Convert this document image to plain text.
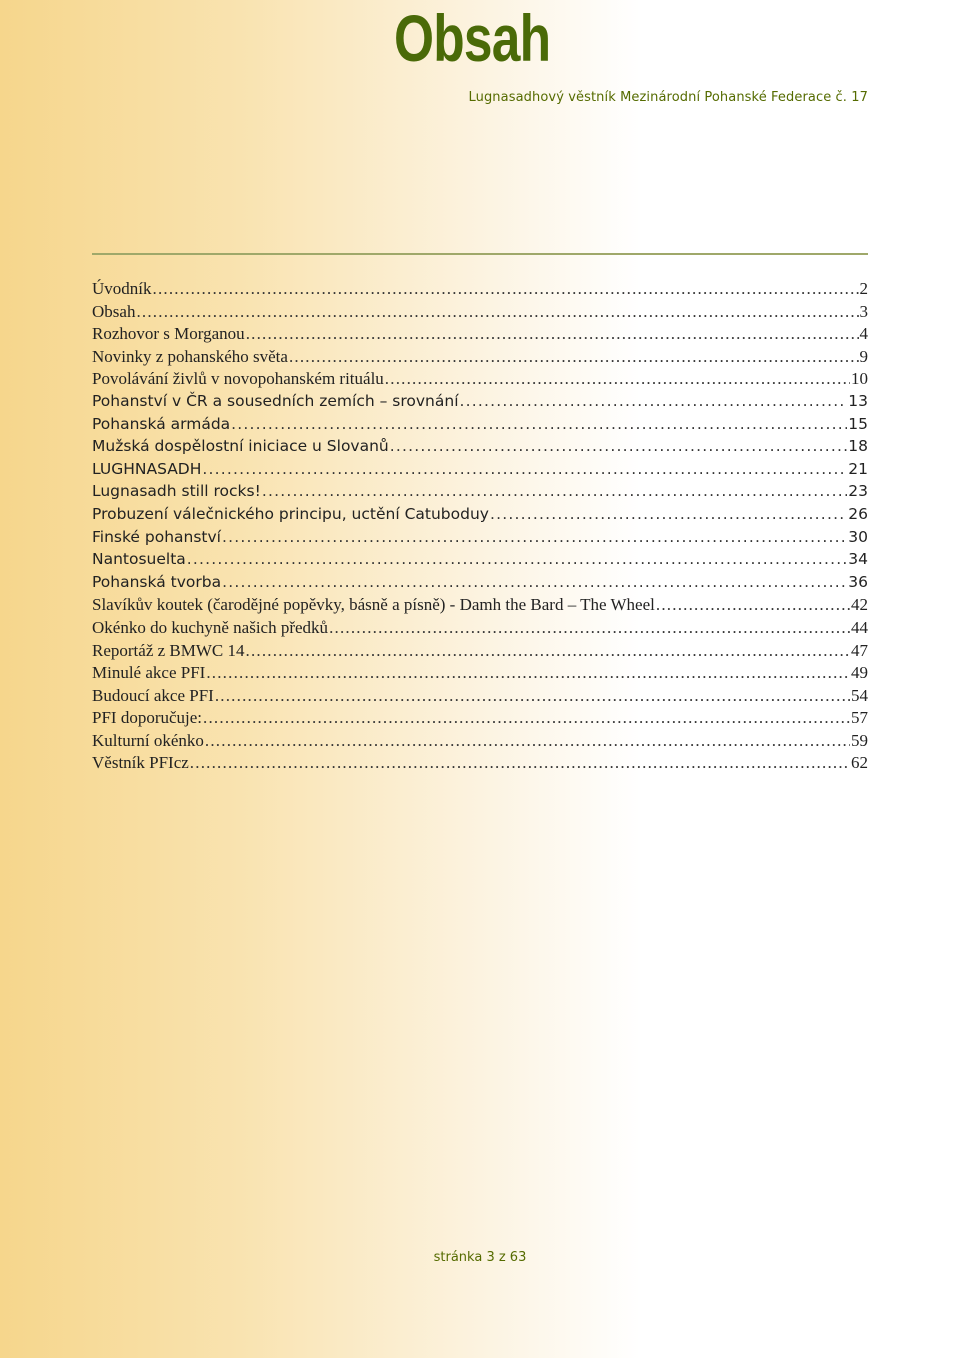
Lugnasadhový věstník Mezinárodní Pohanské Federace č. 17
Obsah
Úvodník .....	2
Obsah .....	3
Rozhovor s Morganou .....	4
Novinky z pohanského světa .....	9
Povolávání živlů v novopohanském rituálu .....	10
Pohanství v ČR a sousedních zemích – srovnání .....	13
Pohanská armáda .....	15
Mužská dospělostní iniciace u Slovanů .....	18
LUGHNASADH .....	21
Lugnasadh still rocks! .....	23
Probuzení válečnického principu, uctění Catuboduy .....	26
Finské pohanství .....	30
Nantosuelta .....	34
Pohanská tvorba .....	36
Slavíkův koutek (čarodějné popěvky, básně a písně) - Damh the Bard – The Wheel .....	42
Okénko do kuchyně našich předků .....	44
Reportáž z BMWC 14 .....	47
Minulé akce PFI .....	49
Budoucí akce PFI .....	54
PFI doporučuje: .....	57
Kulturní okénko .....	59
Věstník PFIcz .....	62
stránka 3 z 63
